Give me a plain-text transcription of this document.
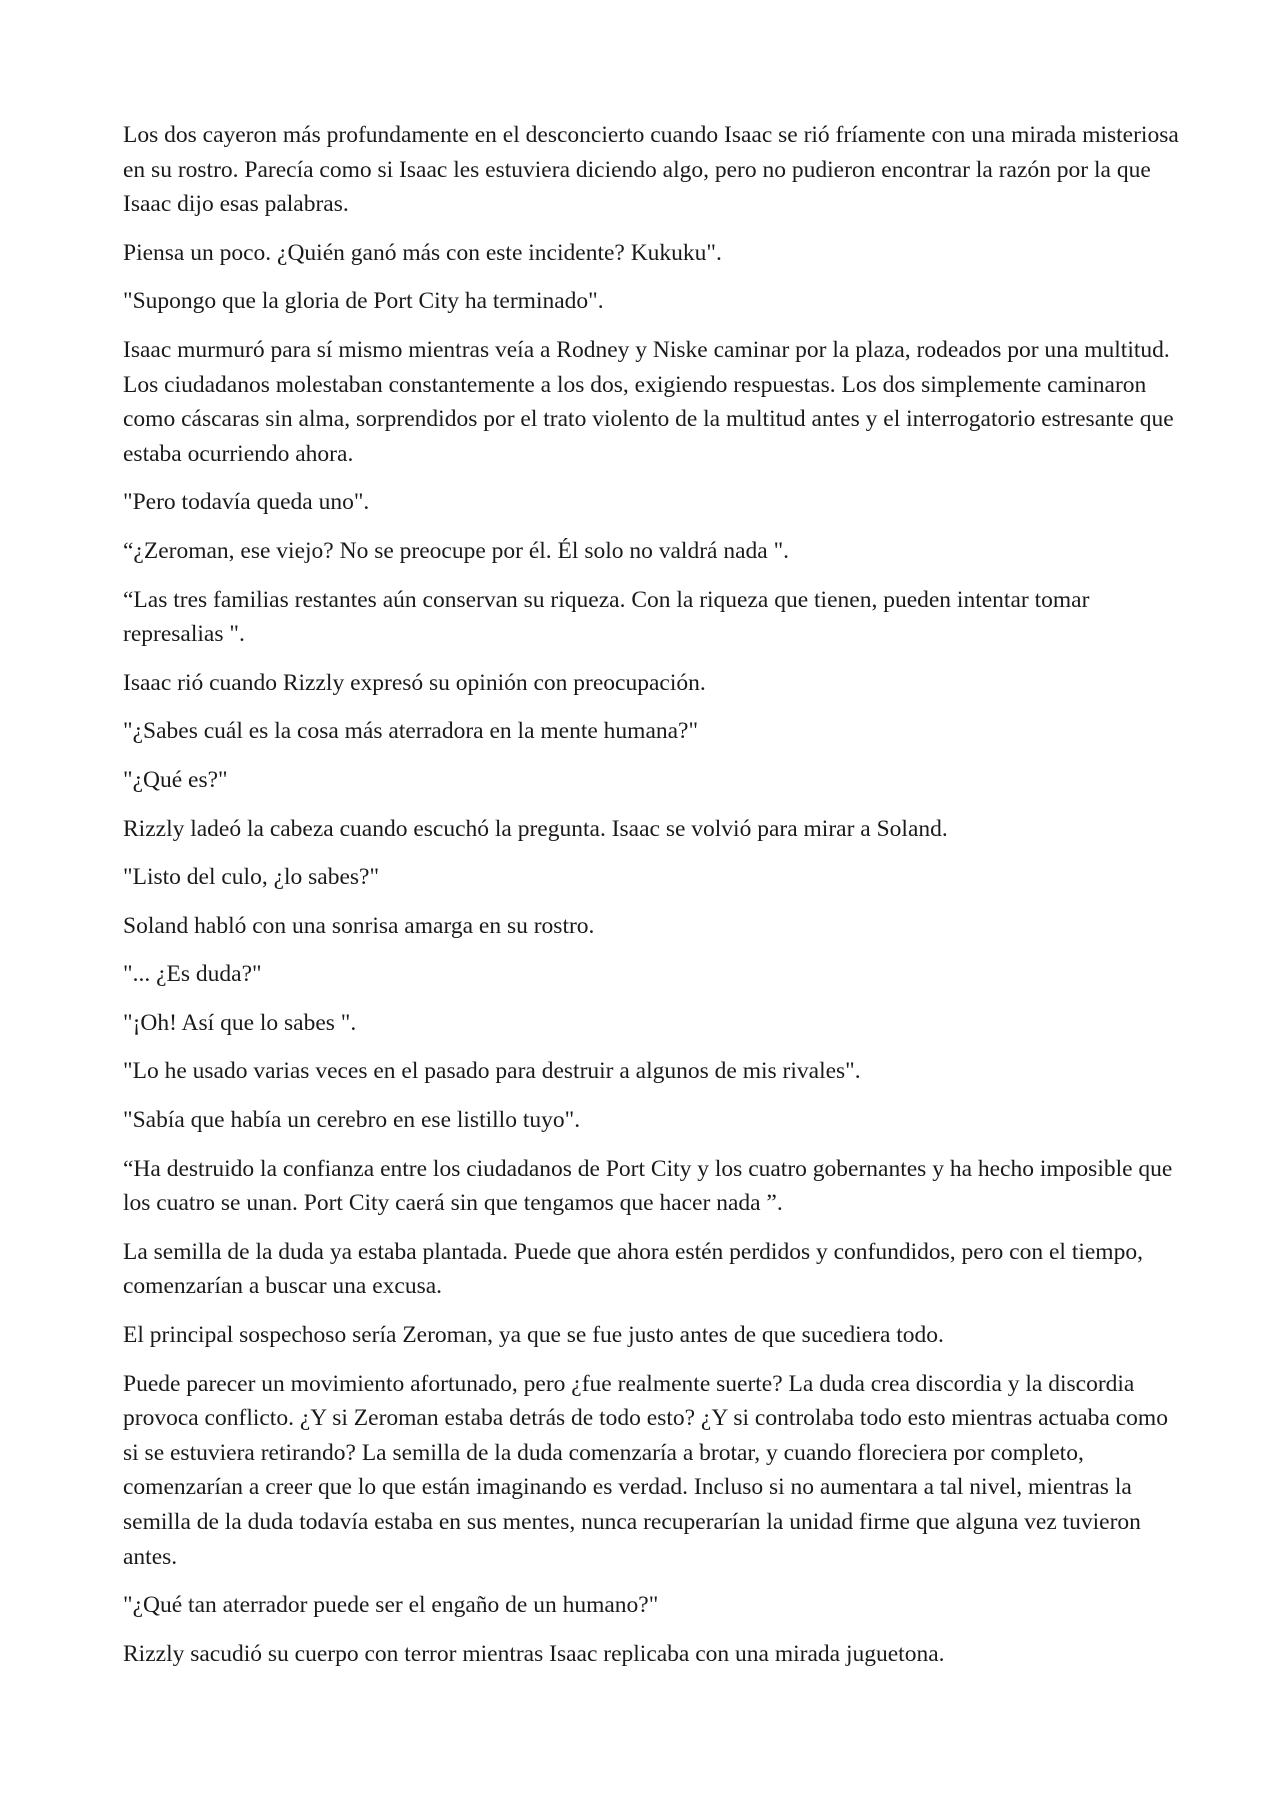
Los dos cayeron más profundamente en el desconcierto cuando Isaac se rió fríamente con una mirada misteriosa en su rostro. Parecía como si Isaac les estuviera diciendo algo, pero no pudieron encontrar la razón por la que Isaac dijo esas palabras.

Piensa un poco. ¿Quién ganó más con este incidente? Kukuku".

"Supongo que la gloria de Port City ha terminado".

Isaac murmuró para sí mismo mientras veía a Rodney y Niske caminar por la plaza, rodeados por una multitud. Los ciudadanos molestaban constantemente a los dos, exigiendo respuestas. Los dos simplemente caminaron como cáscaras sin alma, sorprendidos por el trato violento de la multitud antes y el interrogatorio estresante que estaba ocurriendo ahora.

"Pero todavía queda uno".

“¿Zeroman, ese viejo? No se preocupe por él. Él solo no valdrá nada ".

“Las tres familias restantes aún conservan su riqueza. Con la riqueza que tienen, pueden intentar tomar represalias ".

Isaac rió cuando Rizzly expresó su opinión con preocupación.

"¿Sabes cuál es la cosa más aterradora en la mente humana?"

"¿Qué es?"

Rizzly ladeó la cabeza cuando escuchó la pregunta. Isaac se volvió para mirar a Soland.

"Listo del culo, ¿lo sabes?"

Soland habló con una sonrisa amarga en su rostro.

"... ¿Es duda?"

"¡Oh! Así que lo sabes ".

"Lo he usado varias veces en el pasado para destruir a algunos de mis rivales".

"Sabía que había un cerebro en ese listillo tuyo".

“Ha destruido la confianza entre los ciudadanos de Port City y los cuatro gobernantes y ha hecho imposible que los cuatro se unan. Port City caerá sin que tengamos que hacer nada ”.

La semilla de la duda ya estaba plantada. Puede que ahora estén perdidos y confundidos, pero con el tiempo, comenzarían a buscar una excusa.

El principal sospechoso sería Zeroman, ya que se fue justo antes de que sucediera todo.

Puede parecer un movimiento afortunado, pero ¿fue realmente suerte? La duda crea discordia y la discordia provoca conflicto. ¿Y si Zeroman estaba detrás de todo esto? ¿Y si controlaba todo esto mientras actuaba como si se estuviera retirando? La semilla de la duda comenzaría a brotar, y cuando floreciera por completo, comenzarían a creer que lo que están imaginando es verdad. Incluso si no aumentara a tal nivel, mientras la semilla de la duda todavía estaba en sus mentes, nunca recuperarían la unidad firme que alguna vez tuvieron antes.

"¿Qué tan aterrador puede ser el engaño de un humano?"

Rizzly sacudió su cuerpo con terror mientras Isaac replicaba con una mirada juguetona.
